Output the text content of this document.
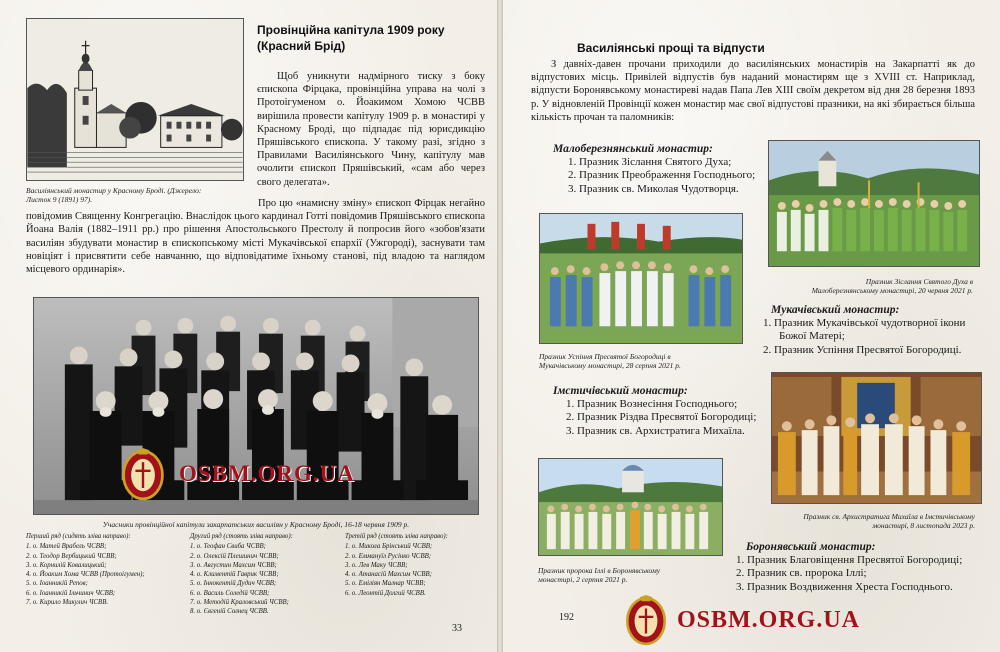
Василіянський монастир у Красному Броді. (Джерело: Листок 9 (1891) 97).
Провінційна капітула 1909 року
(Красний Брід)

Щоб уникнути надмірного тиску з боку єпископа Фірцака, провінційна управа на чолі з Протоігуменом о. Йоакимом Хомою ЧСВВ вирішила провести капітулу 1909 р. в монастирі у Красному Броді, що підпадає під юрисдикцію Пряшівського єпископа. У такому разі, згідно з Правилами Василіянського Чину, капітулу мав очолити єпископ Пряшівський, «сам або через свого делегата».

Про цю «намисну зміну» єпископ Фірцак негайно повідомив Священну Конгрегацію. Внаслідок цього кардинал Готті повідомив Пряшівського єпископа Йоана Валія (1882–1911 рр.) про рішення Апостольського Престолу й попросив його «зобов'язати василіян збудувати монастир в єпископському місті Мукачівської єпархії (Ужгороді), заснувати там новіціят і присвятити себе навчанню, що відповідатиме їхньому станові, під владою та наглядом місцевого ординарія».

OSBM.ORG.UA
Учасники провінційної капітули закарпатських василіян у Красному Броді, 16-18 червня 1909 р.
Перший ряд (сидять зліва направо):
1. о. Матей Врабель ЧСВВ;
2. о. Теодор Вербицький ЧСВВ;
3. о. Корнилій Ковалицький;
4. о. Йоаким Хома ЧСВВ (Протоігумен);
5. о. Іоанникій Репов;
6. о. Іоанникій Ільчинич ЧСВВ;
7. о. Кирило Микулич ЧСВВ.
Другий ряд (стоять зліва направо):
1. о. Теофан Свиба ЧСВВ;
2. о. Олексій Плешинич ЧСВВ;
3. о. Августин Махсим ЧСВВ;
4. о. Климентій Гаврик ЧСВВ;
5. о. Іннокентій Дудич ЧСВВ;
6. о. Василь Соледій ЧСВВ;
7. о. Методій Краловський ЧСВВ;
8. о. Євгеній Солнец ЧСВВ.
Третій ряд (стоять зліва направо):
1. о. Микола Брінський ЧСВВ;
2. о. Еммануїл Русінко ЧСВВ;
3. о. Лев Маку ЧСВВ;
4. о. Атанасій Махсим ЧСВВ;
5. о. Еміліян Малнар ЧСВВ;
6. о. Леонтій Долгий ЧСВВ.
33
Василіянські прощі та відпусти

З давніх-давен прочани приходили до василіянських монастирів на Закарпатті як до відпустових місць. Привілей відпустів був наданий монастирям ще з XVIII ст. Наприклад, відпусти Боронявському монастиреві надав Папа Лев XIII своїм декретом від дня 28 березня 1893 р. У відновленій Провінції кожен монастир має свої відпустові празники, на які збирається більша кількість прочан та паломників:

Малоберезнянський монастир:
1. Празник Зіслання Святого Духа;
2. Празник Преображення Господнього;
3. Празник св. Миколая Чудотворця.
Празник Зіслання Святого Духа в Малоберезнянському монастирі, 20 червня 2021 р.
Празник Успіння Пресвятої Богородиці в Мукачівському монастирі, 28 серпня 2021 р.
Мукачівський монастир:
1. Празник Мукачівської чудотворної ікони Божої Матері;
2. Празник Успіння Пресвятої Богородиці.
Імстичівський монастир:
1. Празник Вознесіння Господнього;
2. Празник Різдва Пресвятої Богородиці;
3. Празник св. Архистратига Михаїла.
Празник св. Архистратига Михаїла в Імстичівському монастирі, 8 листопада 2023 р.
Празник пророка Іллі в Боронявському монастирі, 2 серпня 2021 р.
Боронявський монастир:
1. Празник Благовіщення Пресвятої Богородиці;
2. Празник св. пророка Іллі;
3. Празник Воздвиження Хреста Господнього.
192	OSBM.ORG.UA
